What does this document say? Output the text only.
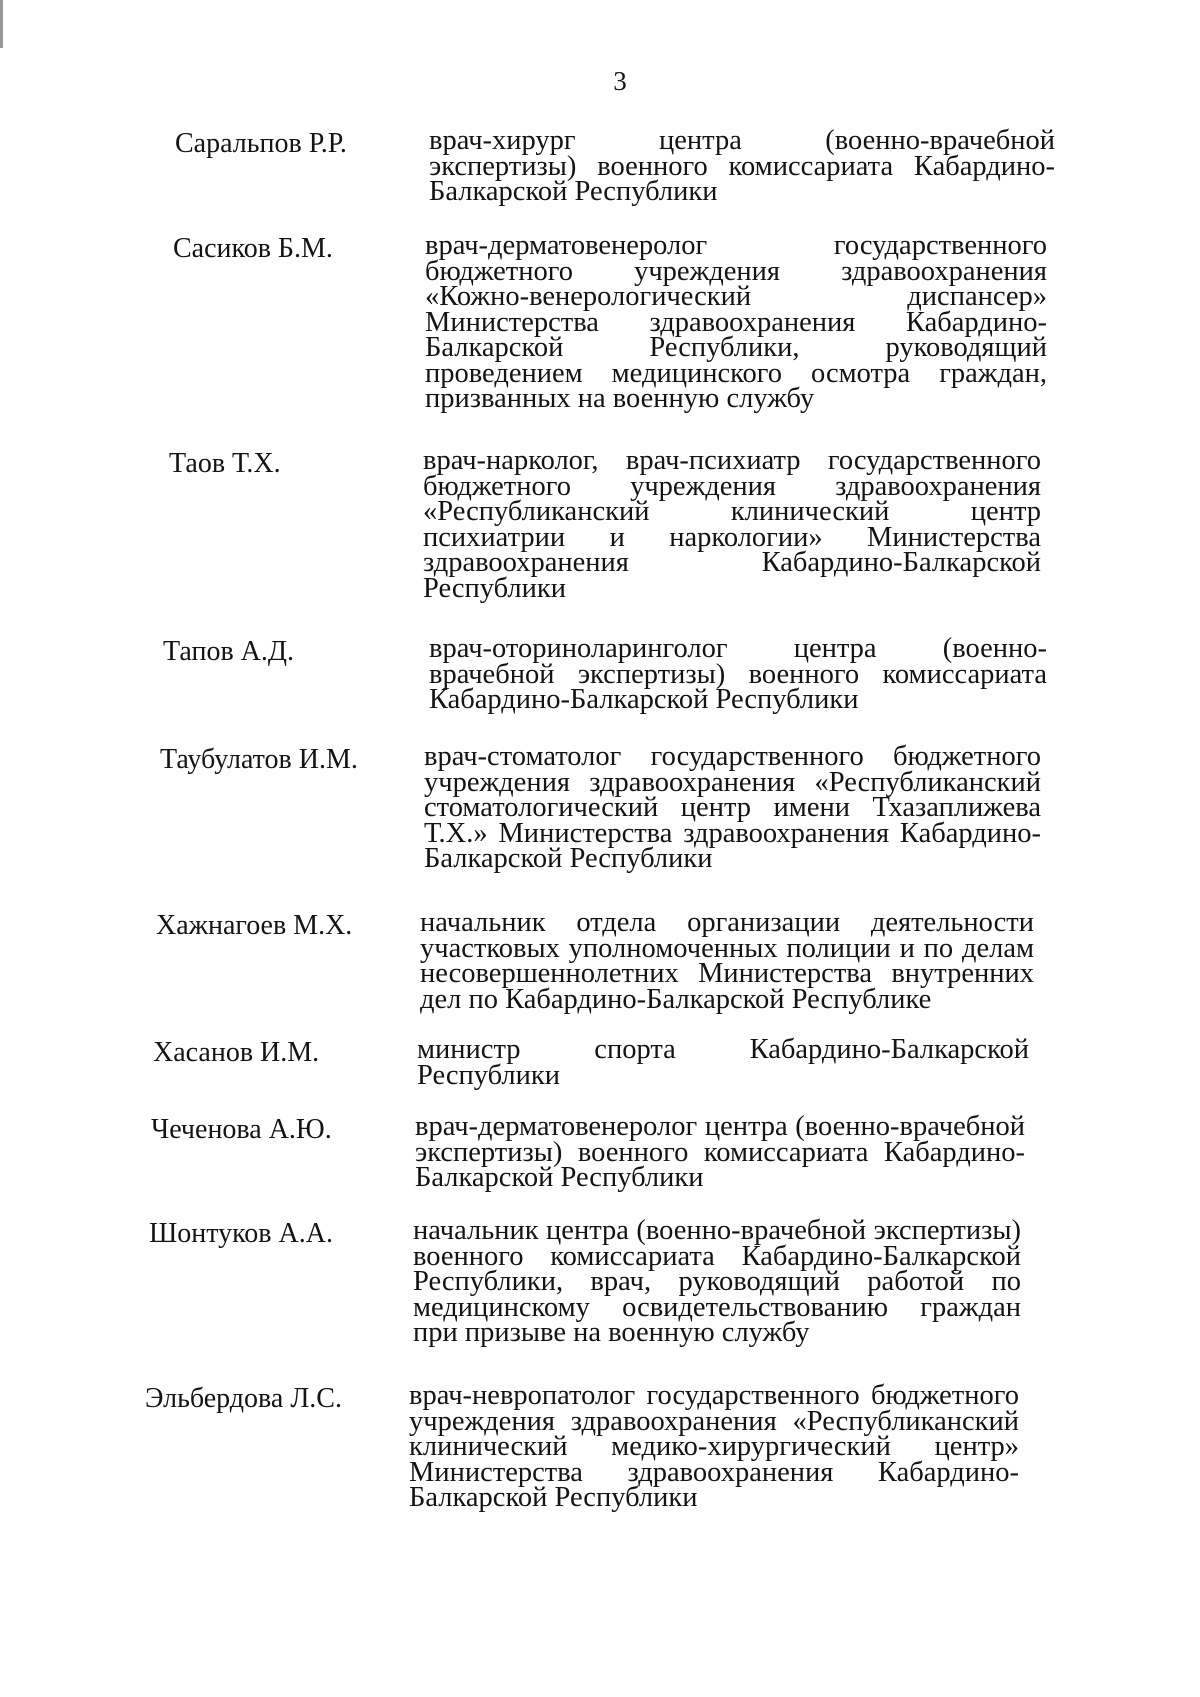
3
Саральпов Р.Р.	врач-хирург центра (военно-врачебной экспертизы) военного комиссариата Кабардино-Балкарской Республики
Сасиков Б.М.	врач-дерматовенеролог государственного бюджетного учреждения здравоохранения «Кожно-венерологический диспансер» Министерства здравоохранения Кабардино-Балкарской Республики, руководящий проведением медицинского осмотра граждан, призванных на военную службу
Таов Т.Х.	врач-нарколог, врач-психиатр государственного бюджетного учреждения здравоохранения «Республиканский клинический центр психиатрии и наркологии» Министерства здравоохранения Кабардино-Балкарской Республики
Тапов А.Д.	врач-оториноларинголог центра (военно-врачебной экспертизы) военного комиссариата Кабардино-Балкарской Республики
Таубулатов И.М. врач-стоматолог государственного бюджетного учреждения здравоохранения «Республиканский стоматологический центр имени Тхазаплижева Т.Х.» Министерства здравоохранения Кабардино-Балкарской Республики
Хажнагоев М.Х. начальник отдела организации деятельности участковых уполномоченных полиции и по делам несовершеннолетних Министерства внутренних дел по Кабардино-Балкарской Республике
Хасанов И.М.	министр спорта Кабардино-Балкарской Республики
Чеченова А.Ю.	врач-дерматовенеролог центра (военно-врачебной экспертизы) военного комиссариата Кабардино-Балкарской Республики
Шонтуков А.А.	начальник центра (военно-врачебной экспертизы) военного комиссариата Кабардино-Балкарской Республики, врач, руководящий работой по медицинскому освидетельствованию граждан при призыве на военную службу
Эльбердова Л.С. врач-невропатолог государственного бюджетного учреждения здравоохранения «Республиканский клинический медико-хирургический центр» Министерства здравоохранения Кабардино-Балкарской Республики
